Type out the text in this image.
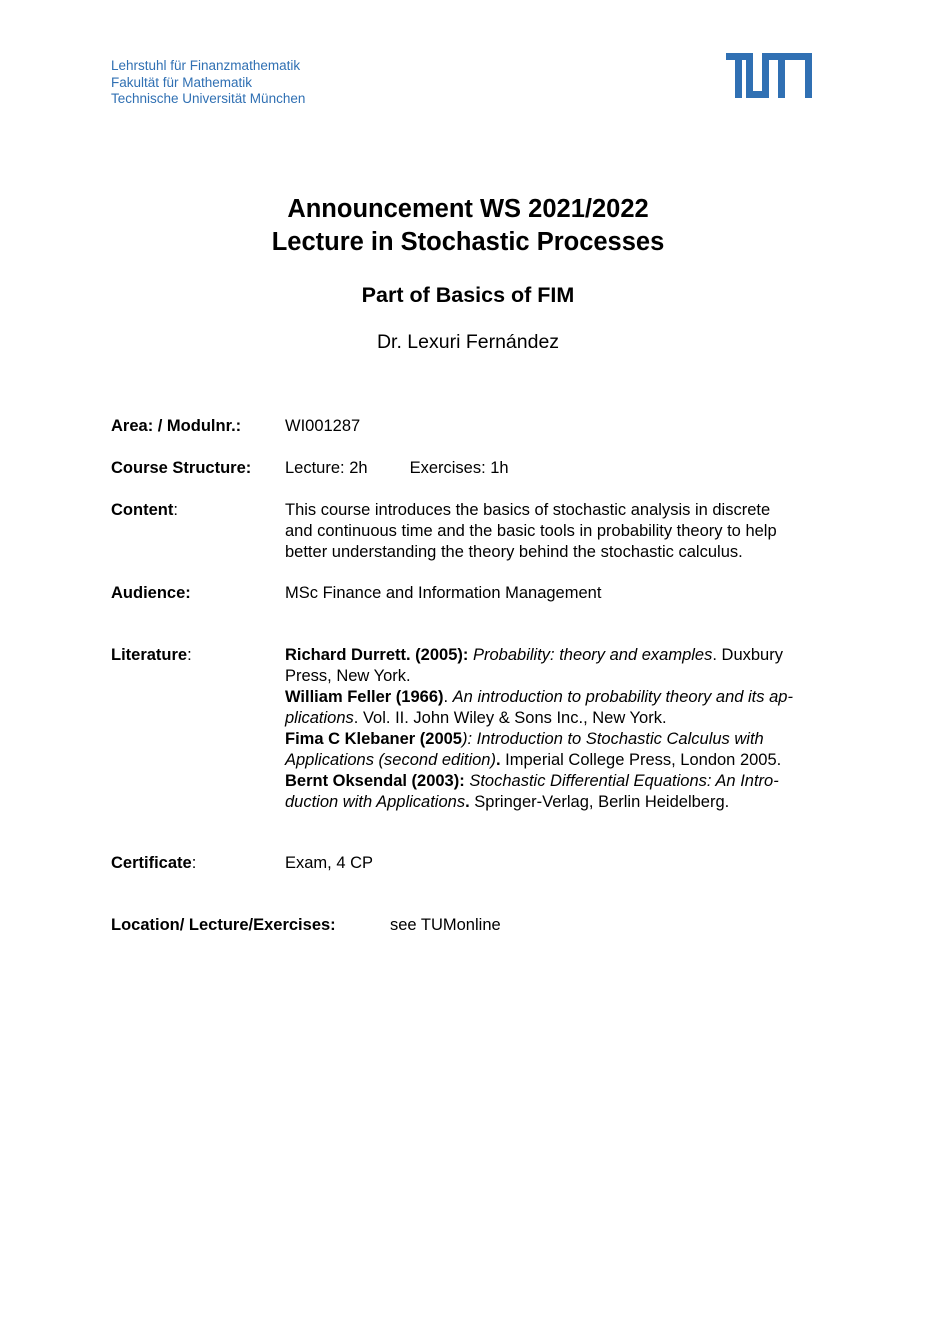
Lehrstuhl für Finanzmathematik
Fakultät für Mathematik
Technische Universität München
Announcement WS 2021/2022
Lecture in Stochastic Processes
Part of Basics of FIM
Dr. Lexuri Fernández
Area: / Modulnr.:	WI001287
Course Structure: Lecture: 2h	Exercises: 1h
Content:	This course introduces the basics of stochastic analysis in discrete
and continuous time and the basic tools in probability theory to help
better understanding the theory behind the stochastic calculus.
Audience:	MSc Finance and Information Management
Literature:	Richard Durrett. (2005): Probability: theory and examples. Duxbury
Press, New York.
William Feller (1966). An introduction to probability theory and its ap-
plications. Vol. II. John Wiley & Sons Inc., New York.
Fima C Klebaner (2005): Introduction to Stochastic Calculus with
Applications (second edition). Imperial College Press, London 2005.
Bernt Oksendal (2003): Stochastic Differential Equations: An Intro-
duction with Applications. Springer-Verlag, Berlin Heidelberg.
Certificate:	Exam, 4 CP
Location/ Lecture/Exercises:	see TUMonline
